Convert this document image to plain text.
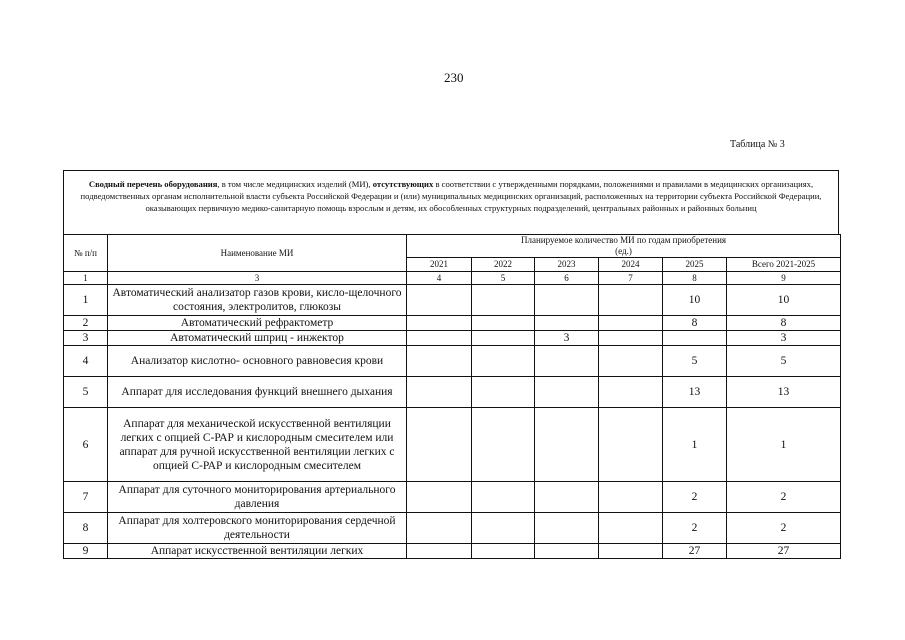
230
Таблица № 3
Сводный перечень оборудования, в том числе медицинских изделий (МИ), отсутствующих в соответствии с утвержденными порядками, положениями и правилами в медицинских организациях, подведомственных органам исполнительной власти субъекта Российской Федерации и (или) муниципальных медицинских организаций, расположенных на территории субъекта Российской Федерации, оказывающих первичную медико-санитарную помощь взрослым и детям, их обособленных структурных подразделений, центральных районных и районных больниц
№ п/п	Наименование МИ	Планируемое количество МИ по годам приобретения
(ед.)					

		2021	2022	2023	2024	2025	Всего 2021-2025
1	3	4	5	6	7	8	9
1	Автоматический анализатор газов крови, кисло-щелочного состояния, электролитов, глюкозы					10	10
2	Автоматический рефрактометр					8	8
3	Автоматический шприц - инжектор			3			3
4	Анализатор кислотно- основного равновесия крови					5	5
5	Аппарат для исследования функций внешнего дыхания					13	13
6	Аппарат для механической искусственной вентиляции легких с опцией С-РАР и кислородным смесителем или аппарат для ручной искусственной вентиляции легких с опцией С-РАР и кислородным смесителем					1	1
7	Аппарат для суточного мониторирования артериального давления					2	2
8	Аппарат для холтеровского мониторирования сердечной деятельности					2	2
9	Аппарат искусственной вентиляции легких					27	27
